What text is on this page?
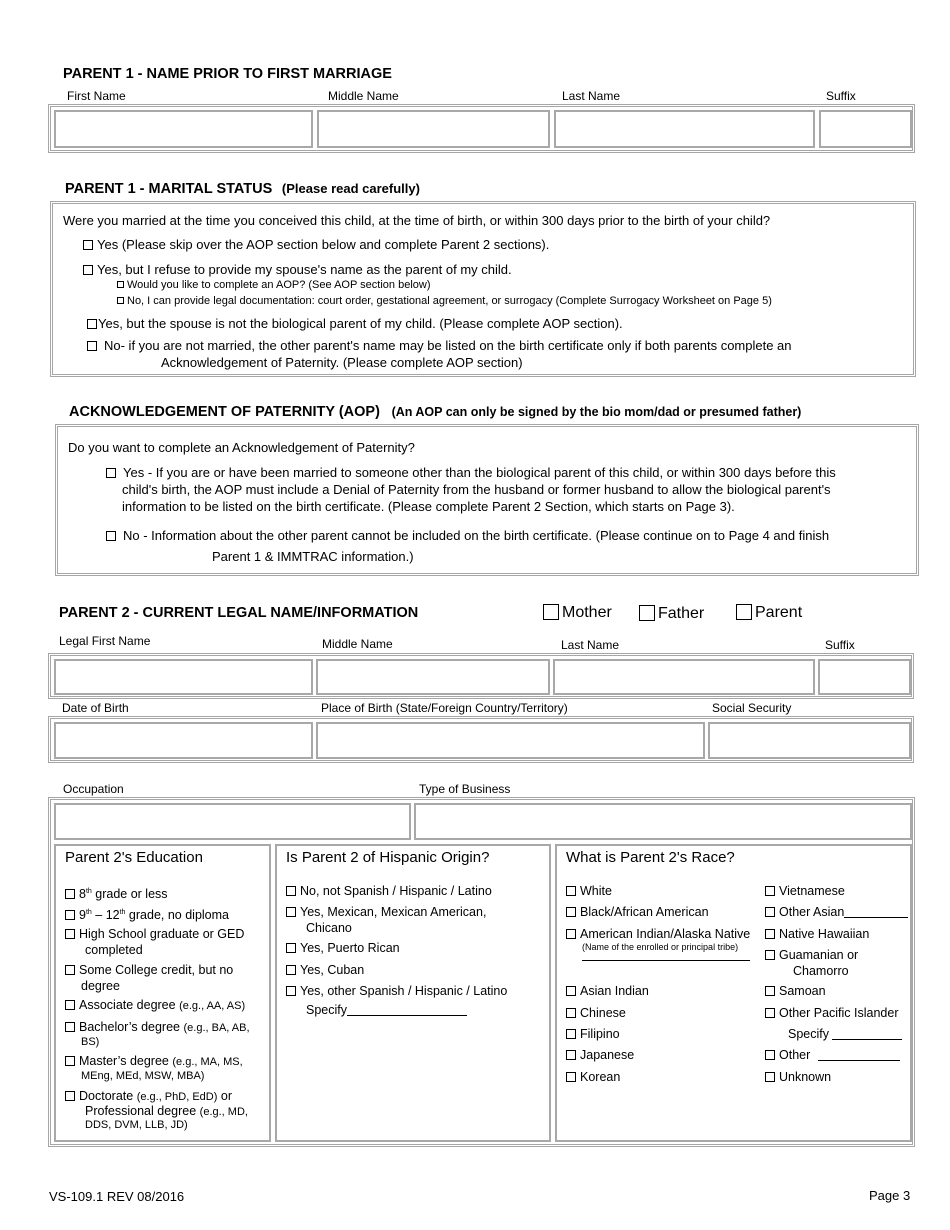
PARENT 1 - NAME PRIOR TO FIRST MARRIAGE
First Name	Middle Name	Last Name	Suffix
PARENT 1 - MARITAL STATUS (Please read carefully)
Were you married at the time you conceived this child, at the time of birth, or within 300 days prior to the birth of your child?
Yes (Please skip over the AOP section below and complete Parent 2 sections).
Yes, but I refuse to provide my spouse's name as the parent of my child.
Would you like to complete an AOP? (See AOP section below)
No, I can provide legal documentation: court order, gestational agreement, or surrogacy (Complete Surrogacy Worksheet on Page 5)
Yes, but the spouse is not the biological parent of my child. (Please complete AOP section).
No- if you are not married, the other parent's name may be listed on the birth certificate only if both parents complete an
Acknowledgement of Paternity. (Please complete AOP section)
ACKNOWLEDGEMENT OF PATERNITY (AOP) (An AOP can only be signed by the bio mom/dad or presumed father)
Do you want to complete an Acknowledgement of Paternity?
Yes - If you are or have been married to someone other than the biological parent of this child, or within 300 days before this
child's birth, the AOP must include a Denial of Paternity from the husband or former husband to allow the biological parent's
information to be listed on the birth certificate. (Please complete Parent 2 Section, which starts on Page 3).
No - Information about the other parent cannot be included on the birth certificate. (Please continue on to Page 4 and finish
Parent 1 & IMMTRAC information.)
PARENT 2 - CURRENT LEGAL NAME/INFORMATION	Mother	Father	Parent
Legal First Name	Middle Name	Last Name	Suffix
Date of Birth	Place of Birth (State/Foreign Country/Territory)	Social Security
Occupation	Type of Business
Parent 2's Education
8th grade or less
9th – 12th grade, no diploma
High School graduate or GED
completed
Some College credit, but no
degree
Associate degree (e.g., AA, AS)
Bachelor’s degree (e.g., BA, AB,
BS)
Master’s degree (e.g., MA, MS,
MEng, MEd, MSW, MBA)
Doctorate (e.g., PhD, EdD) or
Professional degree (e.g., MD,
DDS, DVM, LLB, JD)
Is Parent 2 of Hispanic Origin?
No, not Spanish / Hispanic / Latino
Yes, Mexican, Mexican American,
Chicano
Yes, Puerto Rican
Yes, Cuban
Yes, other Spanish / Hispanic / Latino
Specify
What is Parent 2's Race?
White
Black/African American
American Indian/Alaska Native
(Name of the enrolled or principal tribe)
Asian Indian
Chinese
Filipino
Japanese
Korean
Vietnamese
Other Asian
Native Hawaiian
Guamanian or
Chamorro
Samoan
Other Pacific Islander
Specify
Other
Unknown
VS-109.1 REV 08/2016	Page 3
